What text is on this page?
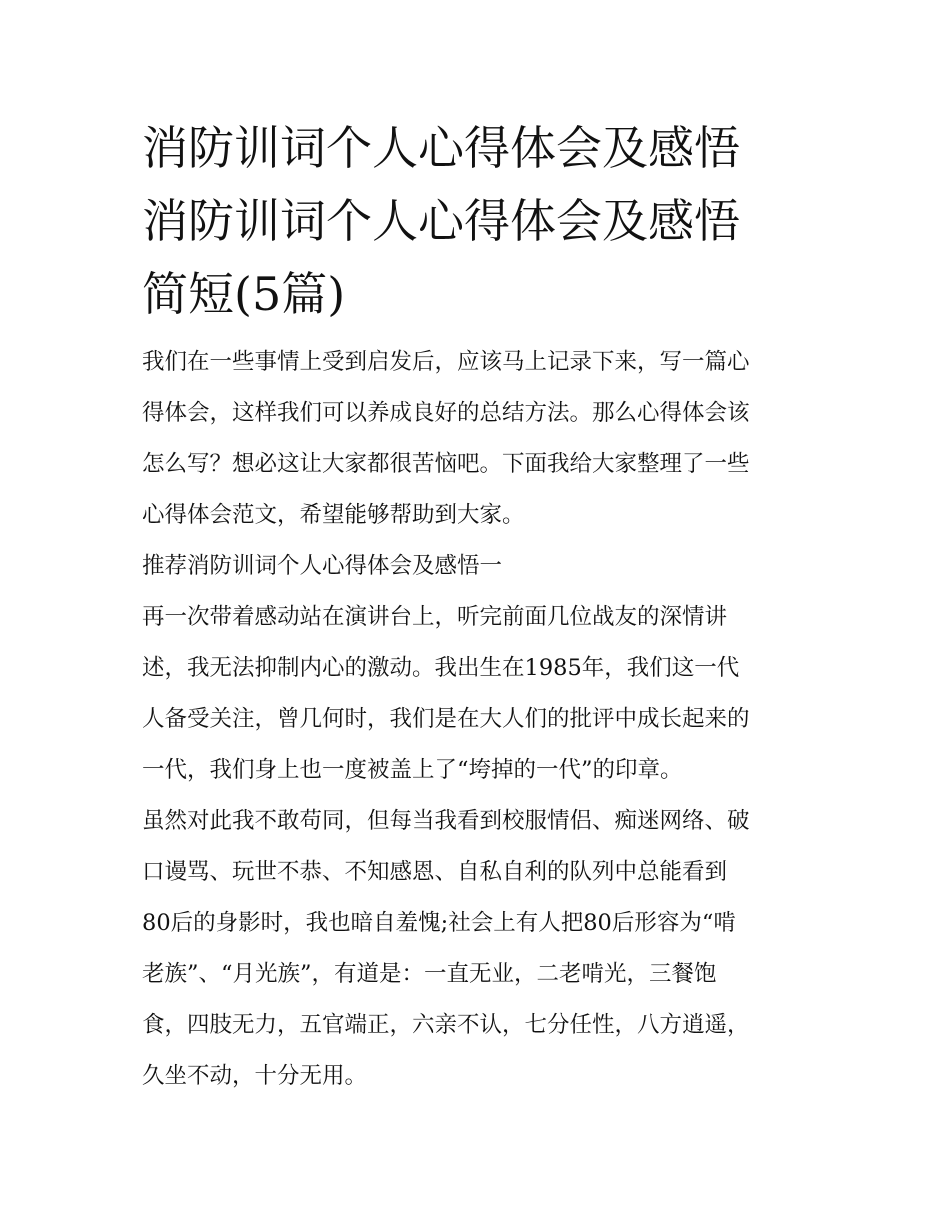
消防训词个人心得体会及感悟
消防训词个人心得体会及感悟
简短(5篇)

我们在一些事情上受到启发后，应该马上记录下来，写一篇心
得体会，这样我们可以养成良好的总结方法。那么心得体会该
怎么写？想必这让大家都很苦恼吧。下面我给大家整理了一些
心得体会范文，希望能够帮助到大家。

推荐消防训词个人心得体会及感悟一

再一次带着感动站在演讲台上，听完前面几位战友的深情讲
述，我无法抑制内心的激动。我出生在1985年，我们这一代
人备受关注，曾几何时，我们是在大人们的批评中成长起来的
一代，我们身上也一度被盖上了“垮掉的一代”的印章。

虽然对此我不敢苟同，但每当我看到校服情侣、痴迷网络、破
口谩骂、玩世不恭、不知感恩、自私自利的队列中总能看到
80后的身影时，我也暗自羞愧;社会上有人把80后形容为“啃
老族”、“月光族”，有道是：一直无业，二老啃光，三餐饱
食，四肢无力，五官端正，六亲不认，七分任性，八方逍遥，
久坐不动，十分无用。
